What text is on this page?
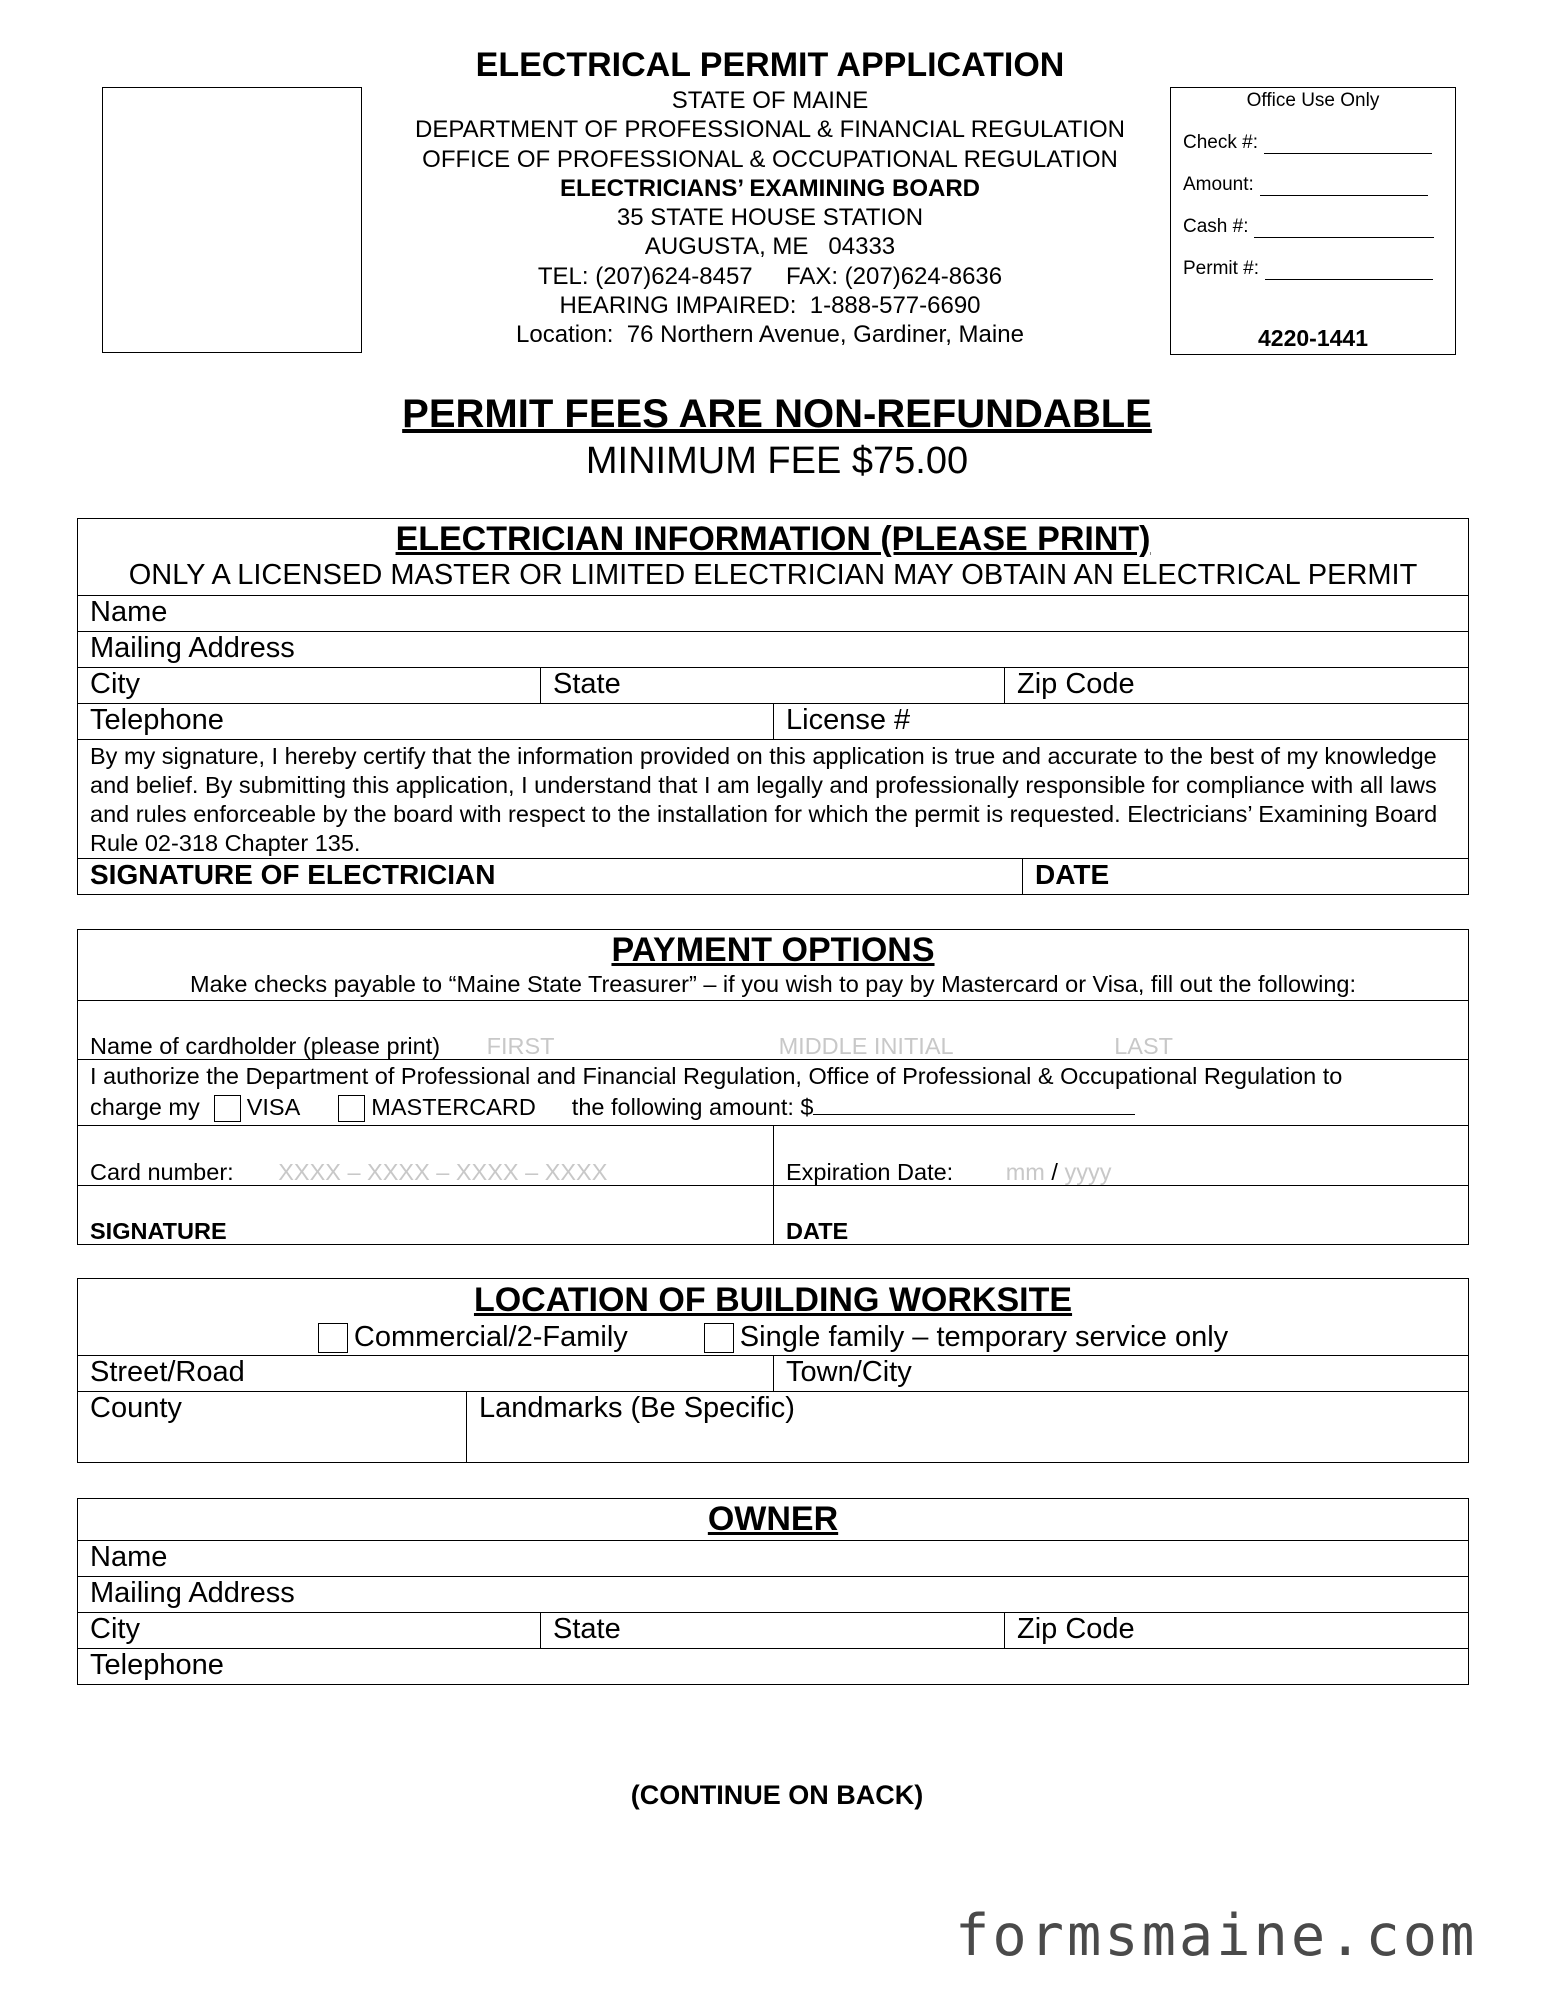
ELECTRICAL PERMIT APPLICATION
STATE OF MAINE
DEPARTMENT OF PROFESSIONAL & FINANCIAL REGULATION
OFFICE OF PROFESSIONAL & OCCUPATIONAL REGULATION
ELECTRICIANS’ EXAMINING BOARD
35 STATE HOUSE STATION
AUGUSTA, ME   04333
TEL: (207)624-8457     FAX: (207)624-8636
HEARING IMPAIRED:  1-888-577-6690
Location:  76 Northern Avenue, Gardiner, Maine
Office Use Only
Check #:
Amount:
Cash #:
Permit #:
4220-1441
PERMIT FEES ARE NON-REFUNDABLE
MINIMUM FEE $75.00
ELECTRICIAN INFORMATION (PLEASE PRINT)
ONLY A LICENSED MASTER OR LIMITED ELECTRICIAN MAY OBTAIN AN ELECTRICAL PERMIT				

Name				
Mailing Address				
City	State		Zip Code	
Telephone		License #		
By my signature, I hereby certify that the information provided on this application is true and accurate to the best of my knowledge and belief. By submitting this application, I understand that I am legally and professionally responsible for compliance with all laws and rules enforceable by the board with respect to the installation for which the permit is requested. Electricians’ Examining Board Rule 02-318 Chapter 135.				
SIGNATURE OF ELECTRICIAN				DATE
PAYMENT OPTIONS
Make checks payable to “Maine State Treasurer” – if you wish to pay by Mastercard or Visa, fill out the following:	

Name of cardholder (please print) FIRST MIDDLE INITIAL LAST	

I authorize the Department of Professional and Financial Regulation, Office of Professional & Occupational Regulation to
charge my VISA MASTERCARD the following amount: $	

Card number: XXXX – XXXX – XXXX – XXXX	Expiration Date: mm / yyyy
SIGNATURE	DATE
LOCATION OF BUILDING WORKSITE
Commercial/2-Family Single family – temporary service only		

Street/Road		Town/City
County	Landmarks (Be Specific)	
OWNER

Name
Mailing Address
City	State	Zip Code
Telephone
(CONTINUE ON BACK)
formsmaine.com
